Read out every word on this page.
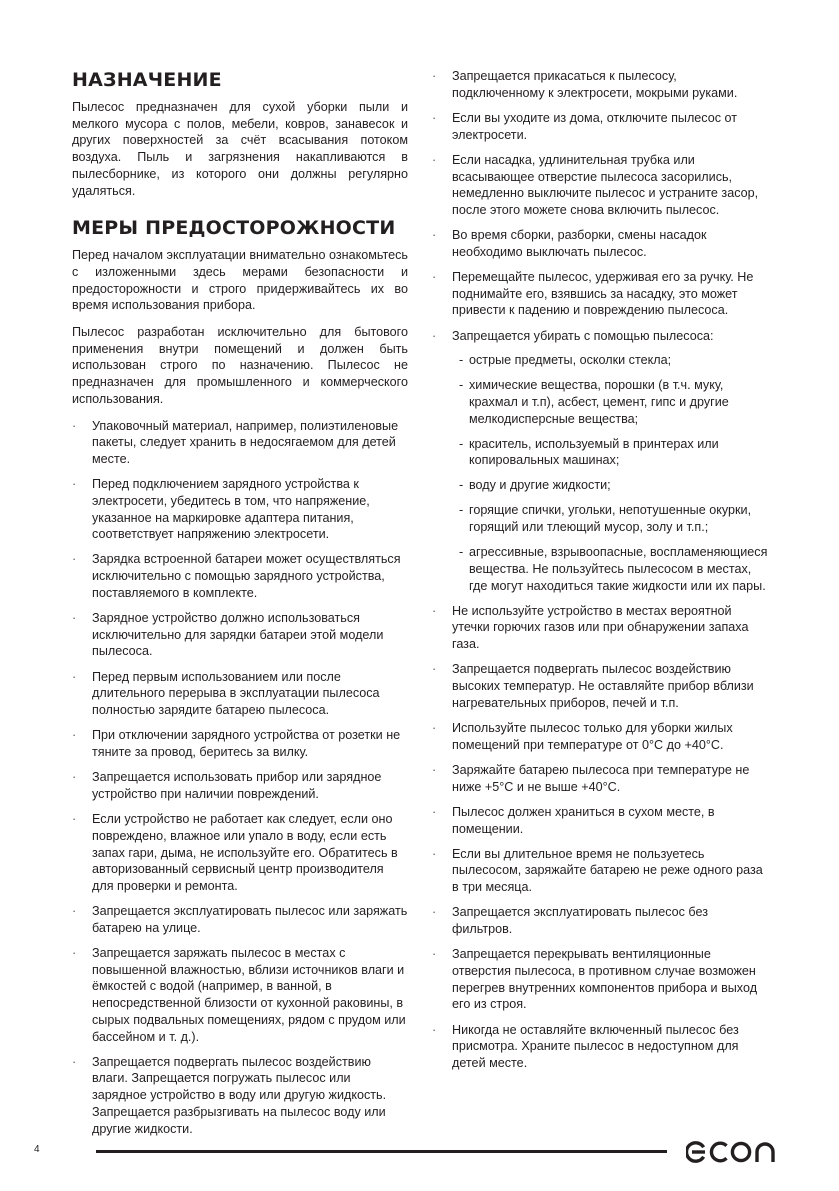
НАЗНАЧЕНИЕ

Пылесос предназначен для сухой уборки пыли и мелкого мусора с полов, мебели, ковров, занавесок и других поверхностей за счёт всасывания потоком воздуха. Пыль и загрязнения накапливаются в пылесборнике, из которого они должны регулярно удаляться.

МЕРЫ ПРЕДОСТОРОЖНОСТИ

Перед началом эксплуатации внимательно ознакомьтесь с изложенными здесь мерами безопасности и предосторожности и строго придерживайтесь их во время использования прибора.

Пылесос разработан исключительно для бытового применения внутри помещений и должен быть использован строго по назначению. Пылесос не предназначен для промышленного и коммерческого использования.

· Упаковочный материал, например, полиэтиленовые пакеты, следует хранить в недосягаемом для детей месте.
· Перед подключением зарядного устройства к электросети, убедитесь в том, что напряжение, указанное на маркировке адаптера питания, соответствует напряжению электросети.
· Зарядка встроенной батареи может осуществляться исключительно с помощью зарядного устройства, поставляемого в комплекте.
· Зарядное устройство должно использоваться исключительно для зарядки батареи этой модели пылесоса.
· Перед первым использованием или после длительного перерыва в эксплуатации пылесоса полностью зарядите батарею пылесоса.
· При отключении зарядного устройства от розетки не тяните за провод, беритесь за вилку.
· Запрещается использовать прибор или зарядное устройство при наличии повреждений.
· Если устройство не работает как следует, если оно повреждено, влажное или упало в воду, если есть запах гари, дыма, не используйте его. Обратитесь в авторизованный сервисный центр производителя для проверки и ремонта.
· Запрещается эксплуатировать пылесос или заряжать батарею на улице.
· Запрещается заряжать пылесос в местах с повышенной влажностью, вблизи источников влаги и ёмкостей с водой (например, в ванной, в непосредственной близости от кухонной раковины, в сырых подвальных помещениях, рядом с прудом или бассейном и т. д.).
· Запрещается подвергать пылесос воздействию влаги. Запрещается погружать пылесос или зарядное устройство в воду или другую жидкость. Запрещается разбрызгивать на пылесос воду или другие жидкости.
· Запрещается прикасаться к пылесосу, подключенному к электросети, мокрыми руками.
· Если вы уходите из дома, отключите пылесос от электросети.
· Если насадка, удлинительная трубка или всасывающее отверстие пылесоса засорились, немедленно выключите пылесос и устраните засор, после этого можете снова включить пылесос.
· Во время сборки, разборки, смены насадок необходимо выключать пылесос.
· Перемещайте пылесос, удерживая его за ручку. Не поднимайте его, взявшись за насадку, это может привести к падению и повреждению пылесоса.
· Запрещается убирать с помощью пылесоса:
- острые предметы, осколки стекла;
- химические вещества, порошки (в т.ч. муку, крахмал и т.п), асбест, цемент, гипс и другие мелкодисперсные вещества;
- краситель, используемый в принтерах или копировальных машинах;
- воду и другие жидкости;
- горящие спички, угольки, непотушенные окурки, горящий или тлеющий мусор, золу и т.п.;
- агрессивные, взрывоопасные, воспламеняющиеся вещества. Не пользуйтесь пылесосом в местах, где могут находиться такие жидкости или их пары.
· Не используйте устройство в местах вероятной утечки горючих газов или при обнаружении запаха газа.
· Запрещается подвергать пылесос воздействию высоких температур. Не оставляйте прибор вблизи нагревательных приборов, печей и т.п.
· Используйте пылесос только для уборки жилых помещений при температуре от 0°C до +40°C.
· Заряжайте батарею пылесоса при температуре не ниже +5°C и не выше +40°C.
· Пылесос должен храниться в сухом месте, в помещении.
· Если вы длительное время не пользуетесь пылесосом, заряжайте батарею не реже одного раза в три месяца.
· Запрещается эксплуатировать пылесос без фильтров.
· Запрещается перекрывать вентиляционные отверстия пылесоса, в противном случае возможен перегрев внутренних компонентов прибора и выход его из строя.
· Никогда не оставляйте включенный пылесос без присмотра. Храните пылесос в недоступном для детей месте.
4
